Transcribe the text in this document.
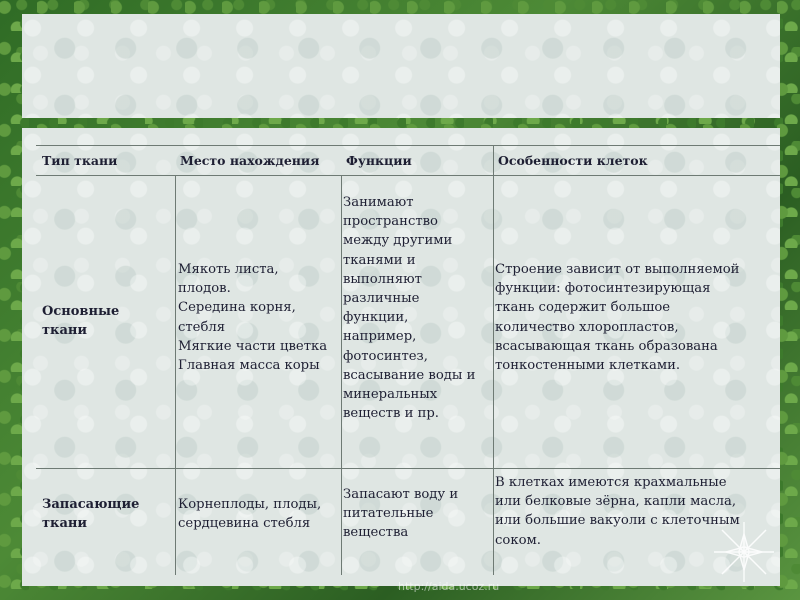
Тип ткани	Место нахождения Функции	Особенности клеток
Основные
ткани
Мякоть листа,
плодов.
Середина корня,
стебля
Мягкие части цветка
Главная масса коры
Занимают
пространство
между другими
тканями и
выполняют
различные
функции,
например,
фотосинтез,
всасывание воды и
минеральных
веществ и пр.
Строение зависит от выполняемой
функции: фотосинтезирующая
ткань содержит большое
количество хлоропластов,
всасывающая ткань образована
тонкостенными клетками.
Запасающие
ткани
Корнеплоды, плоды,
сердцевина стебля
Запасают воду и
питательные
вещества
В клетках имеются крахмальные
или белковые зёрна, капли масла,
или большие вакуоли с клеточным
соком.
http://aida.ucoz.ru
